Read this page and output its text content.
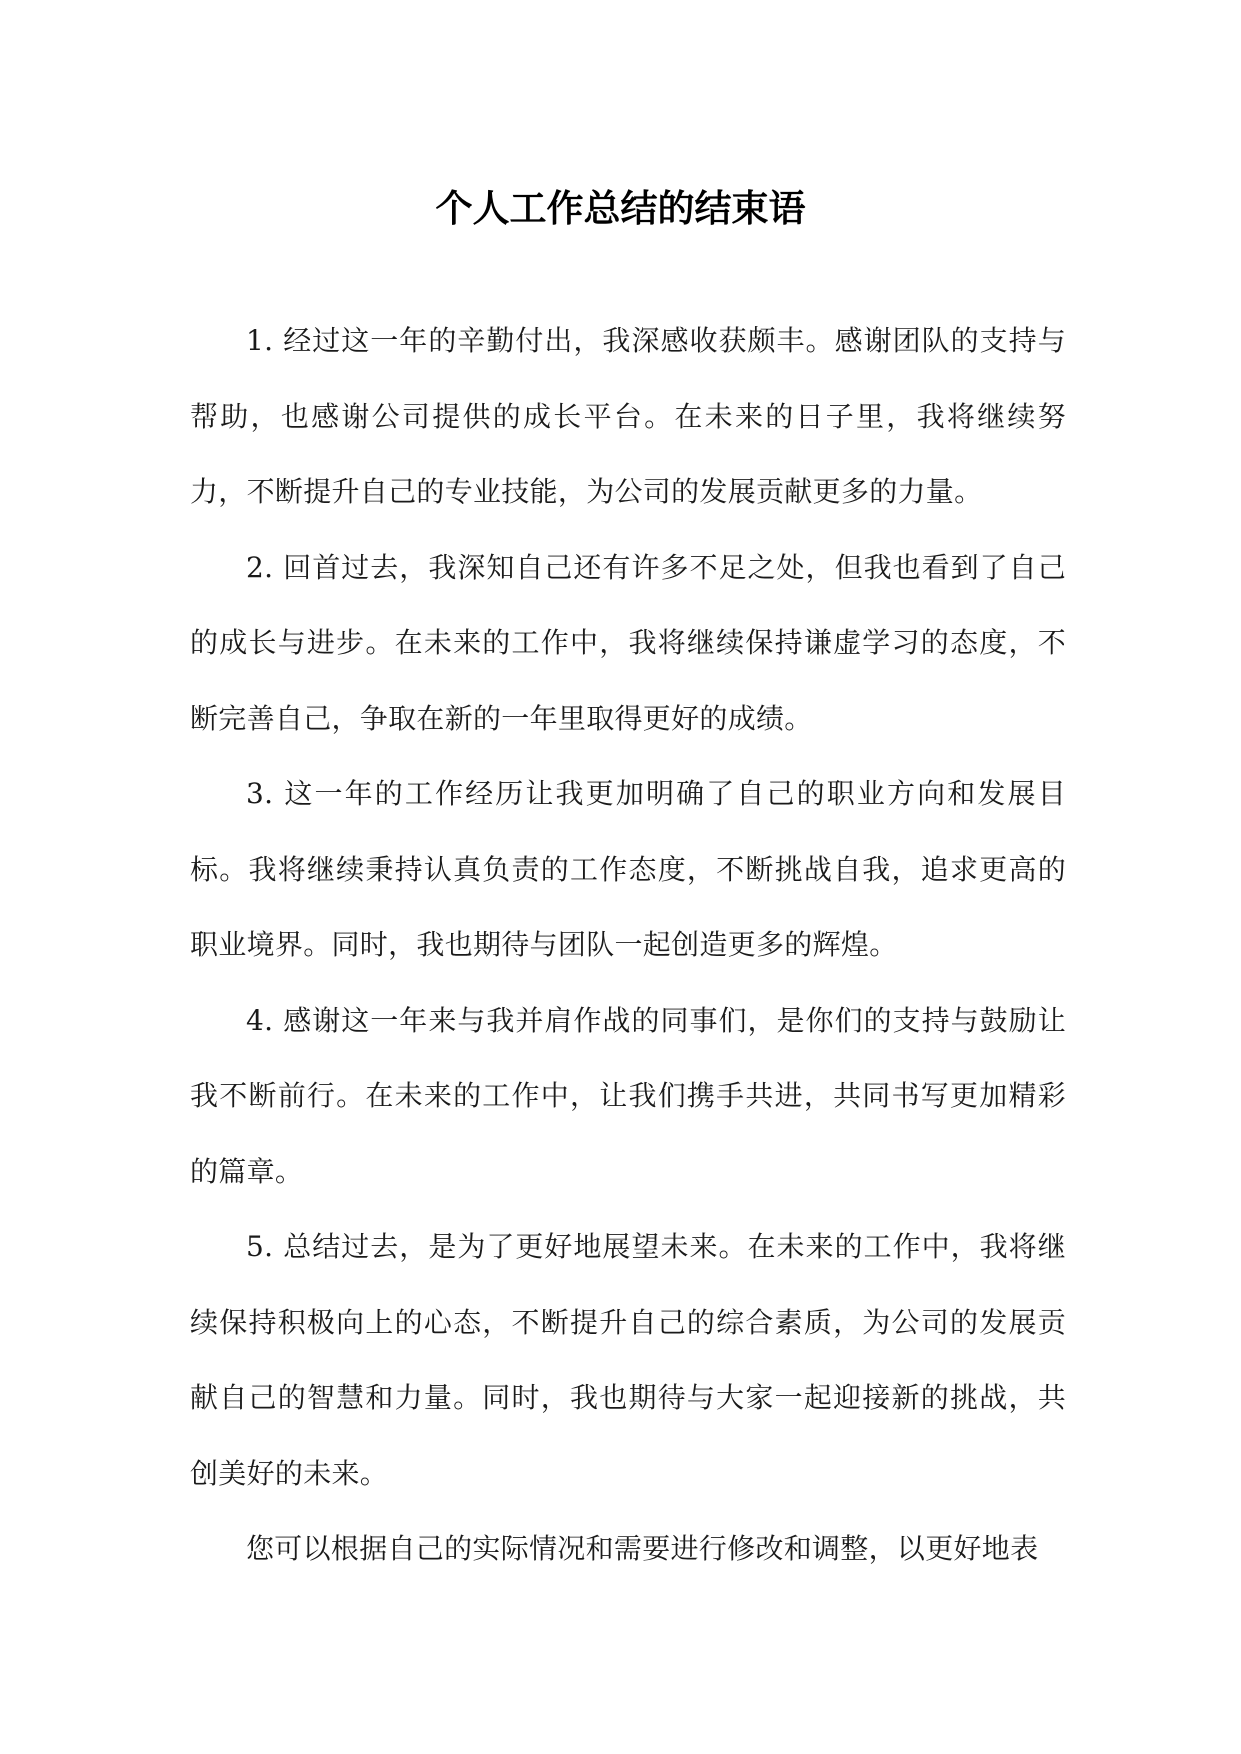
个人工作总结的结束语

1. 经过这一年的辛勤付出，我深感收获颇丰。感谢团队的支持与帮助，也感谢公司提供的成长平台。在未来的日子里，我将继续努力，不断提升自己的专业技能，为公司的发展贡献更多的力量。

2. 回首过去，我深知自己还有许多不足之处，但我也看到了自己的成长与进步。在未来的工作中，我将继续保持谦虚学习的态度，不断完善自己，争取在新的一年里取得更好的成绩。

3. 这一年的工作经历让我更加明确了自己的职业方向和发展目标。我将继续秉持认真负责的工作态度，不断挑战自我，追求更高的职业境界。同时，我也期待与团队一起创造更多的辉煌。

4. 感谢这一年来与我并肩作战的同事们，是你们的支持与鼓励让我不断前行。在未来的工作中，让我们携手共进，共同书写更加精彩的篇章。

5. 总结过去，是为了更好地展望未来。在未来的工作中，我将继续保持积极向上的心态，不断提升自己的综合素质，为公司的发展贡献自己的智慧和力量。同时，我也期待与大家一起迎接新的挑战，共创美好的未来。

您可以根据自己的实际情况和需要进行修改和调整，以更好地表
